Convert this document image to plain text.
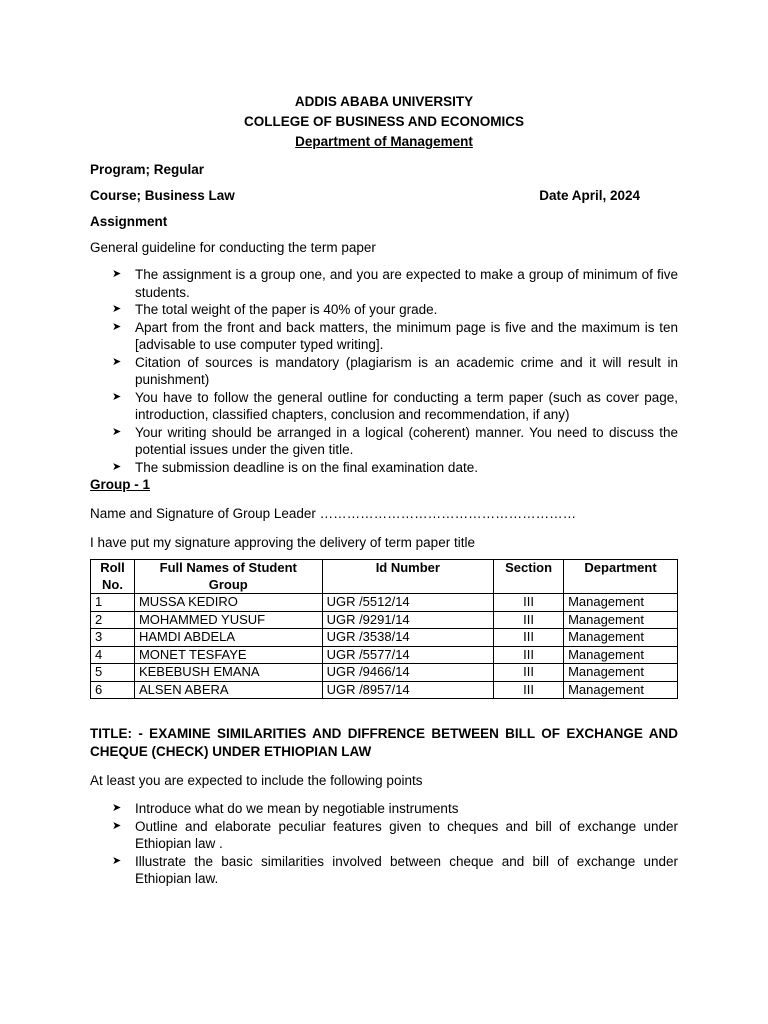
ADDIS ABABA UNIVERSITY
COLLEGE OF BUSINESS AND ECONOMICS
Department of Management
Program; Regular
Course; Business Law	Date April, 2024
Assignment
General guideline for conducting the term paper
➤ The assignment is a group one, and you are expected to make a group of minimum of five students.
➤ The total weight of the paper is 40% of your grade.
➤ Apart from the front and back matters, the minimum page is five and the maximum is ten [advisable to use computer typed writing].
➤ Citation of sources is mandatory (plagiarism is an academic crime and it will result in punishment)
➤ You have to follow the general outline for conducting a term paper (such as cover page, introduction, classified chapters, conclusion and recommendation, if any)
➤ Your writing should be arranged in a logical (coherent) manner. You need to discuss the potential issues under the given title.
➤ The submission deadline is on the final examination date.
Group - 1
Name and Signature of Group Leader …………………………………………………
I have put my signature approving the delivery of term paper title
Roll No.	Full Names of Student Group	Id Number	Section	Department
1	MUSSA KEDIRO	UGR /5512/14	III	Management
2	MOHAMMED YUSUF	UGR /9291/14	III	Management
3	HAMDI ABDELA	UGR /3538/14	III	Management
4	MONET TESFAYE	UGR /5577/14	III	Management
5	KEBEBUSH EMANA	UGR /9466/14	III	Management
6	ALSEN ABERA	UGR /8957/14	III	Management
TITLE: - EXAMINE SIMILARITIES AND DIFFRENCE BETWEEN BILL OF EXCHANGE AND CHEQUE (CHECK) UNDER ETHIOPIAN LAW
At least you are expected to include the following points
➤ Introduce what do we mean by negotiable instruments
➤ Outline and elaborate peculiar features given to cheques and bill of exchange under Ethiopian law .
➤ Illustrate the basic similarities involved between cheque and bill of exchange under Ethiopian law.
